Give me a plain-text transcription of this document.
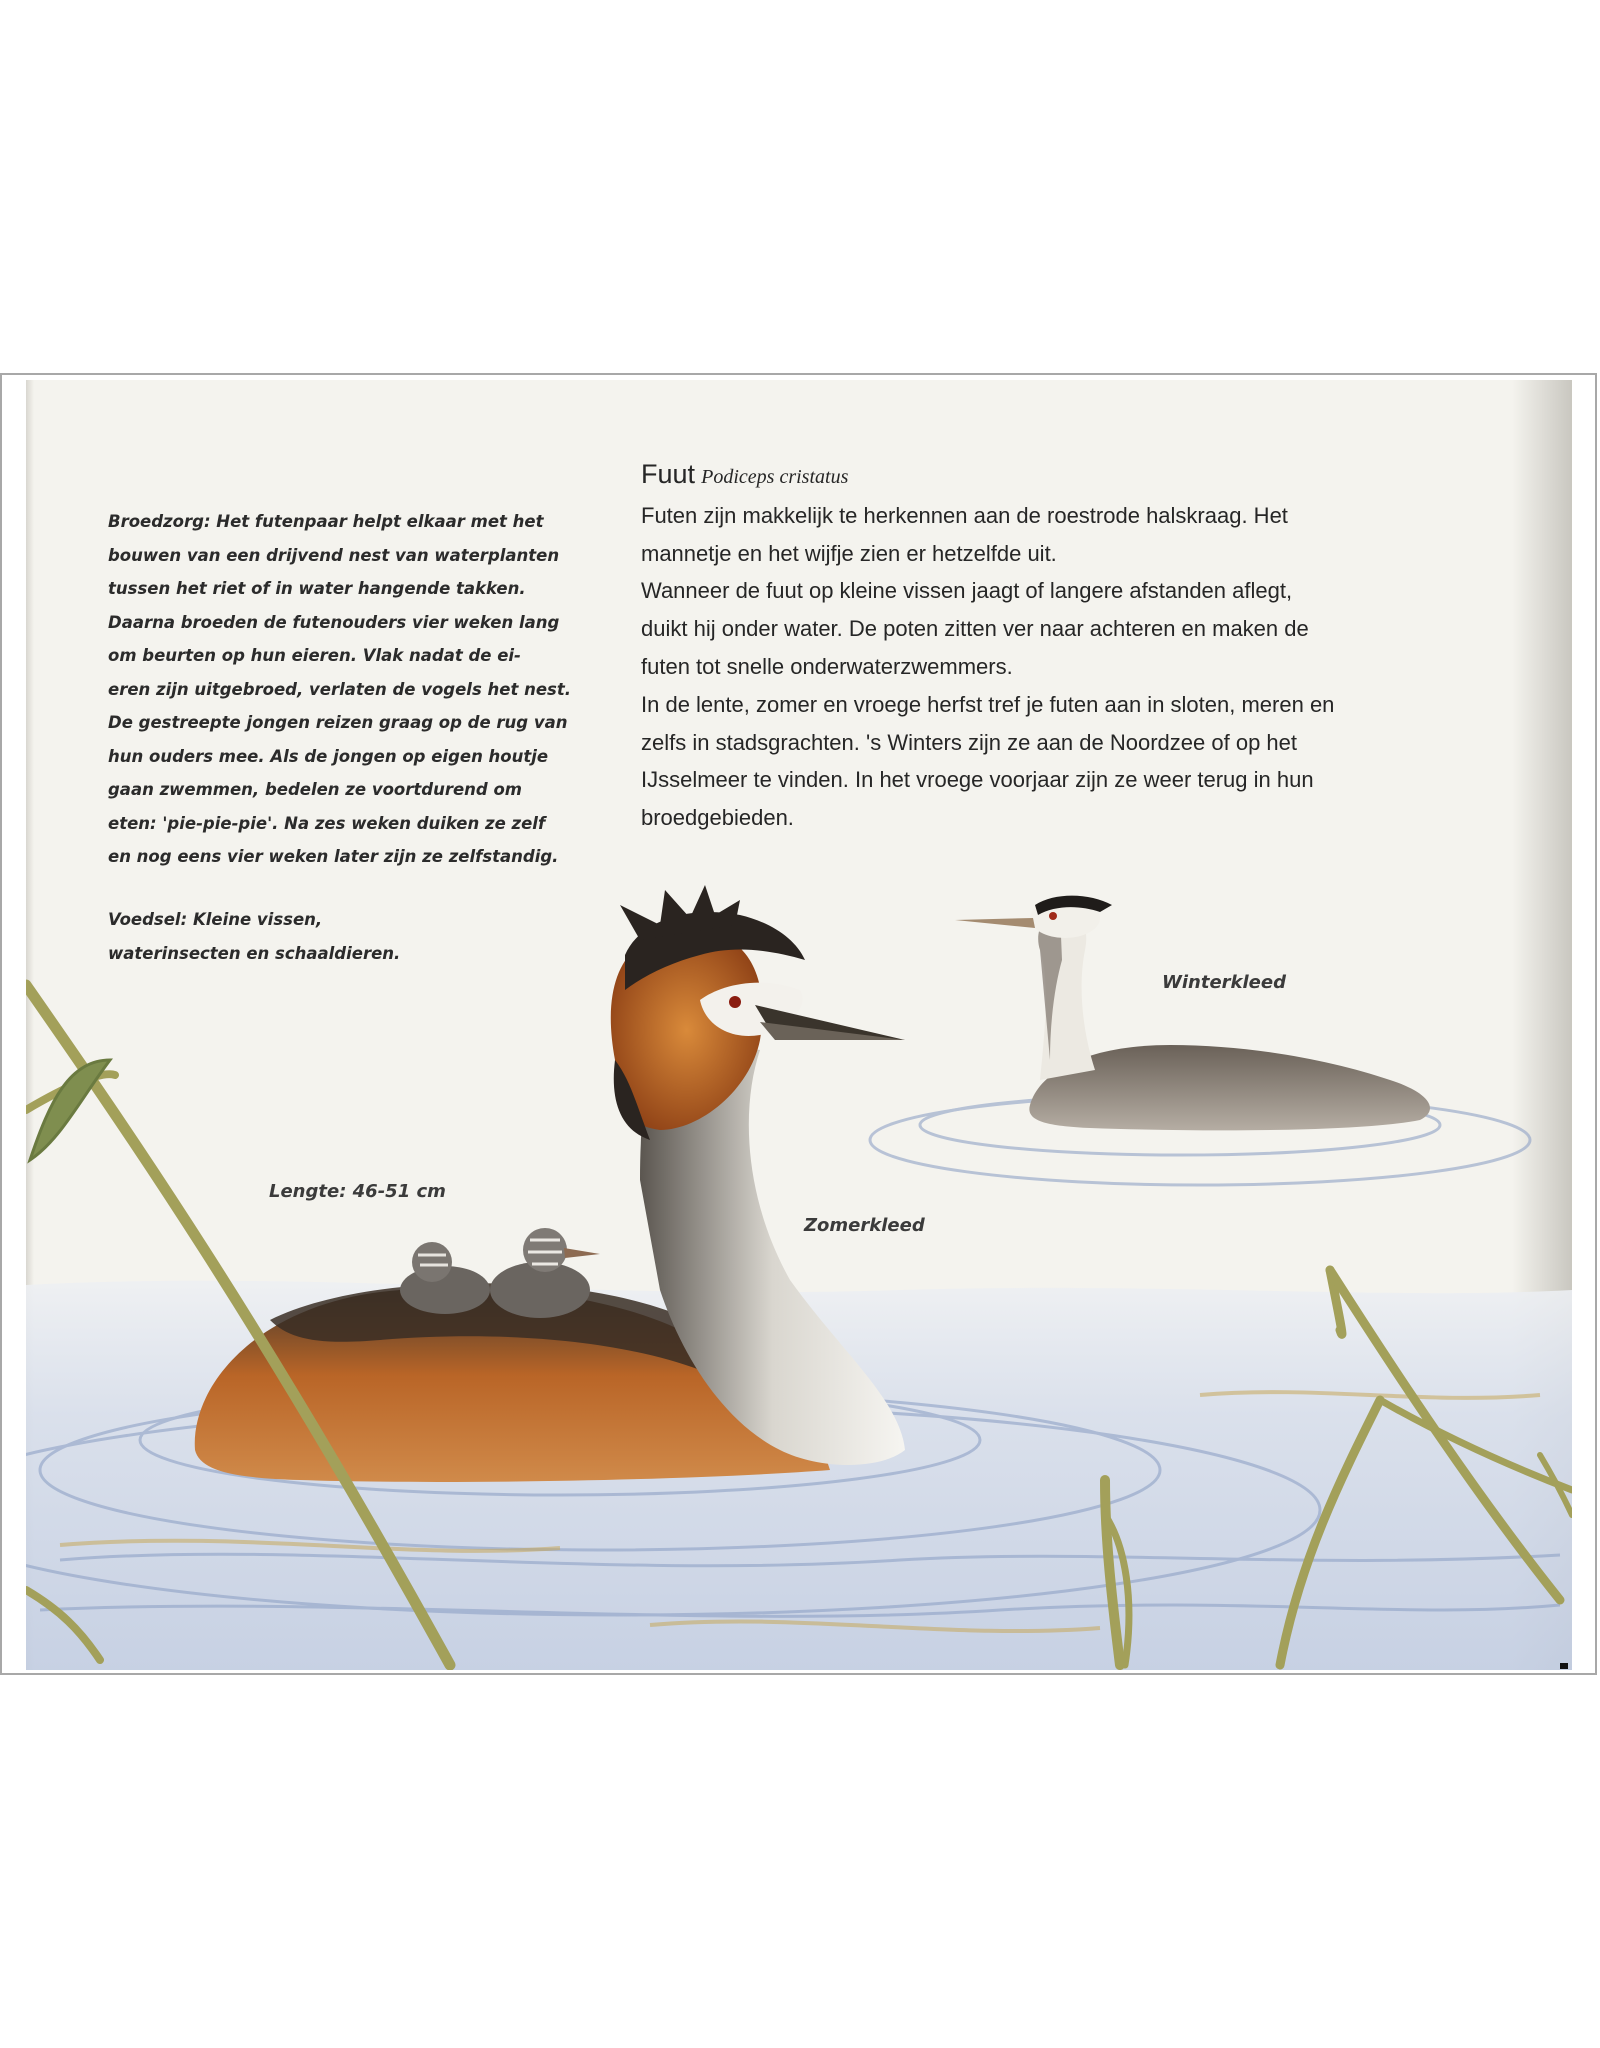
Broedzorg: Het futenpaar helpt elkaar met het
bouwen van een drijvend nest van waterplanten
tussen het riet of in water hangende takken.
Daarna broeden de futenouders vier weken lang
om beurten op hun eieren. Vlak nadat de ei-
eren zijn uitgebroed, verlaten de vogels het nest.
De gestreepte jongen reizen graag op de rug van
hun ouders mee. Als de jongen op eigen houtje
gaan zwemmen, bedelen ze voortdurend om
eten: 'pie-pie-pie'. Na zes weken duiken ze zelf
en nog eens vier weken later zijn ze zelfstandig.
Voedsel: Kleine vissen,
waterinsecten en schaaldieren.
Fuut Podiceps cristatus
Futen zijn makkelijk te herkennen aan de roestrode halskraag. Het
mannetje en het wijfje zien er hetzelfde uit.
Wanneer de fuut op kleine vissen jaagt of langere afstanden aflegt,
duikt hij onder water. De poten zitten ver naar achteren en maken de
futen tot snelle onderwaterzwemmers.
In de lente, zomer en vroege herfst tref je futen aan in sloten, meren en
zelfs in stadsgrachten. 's Winters zijn ze aan de Noordzee of op het
IJsselmeer te vinden. In het vroege voorjaar zijn ze weer terug in hun
broedgebieden.
Winterkleed
Zomerkleed
Lengte: 46-51 cm
